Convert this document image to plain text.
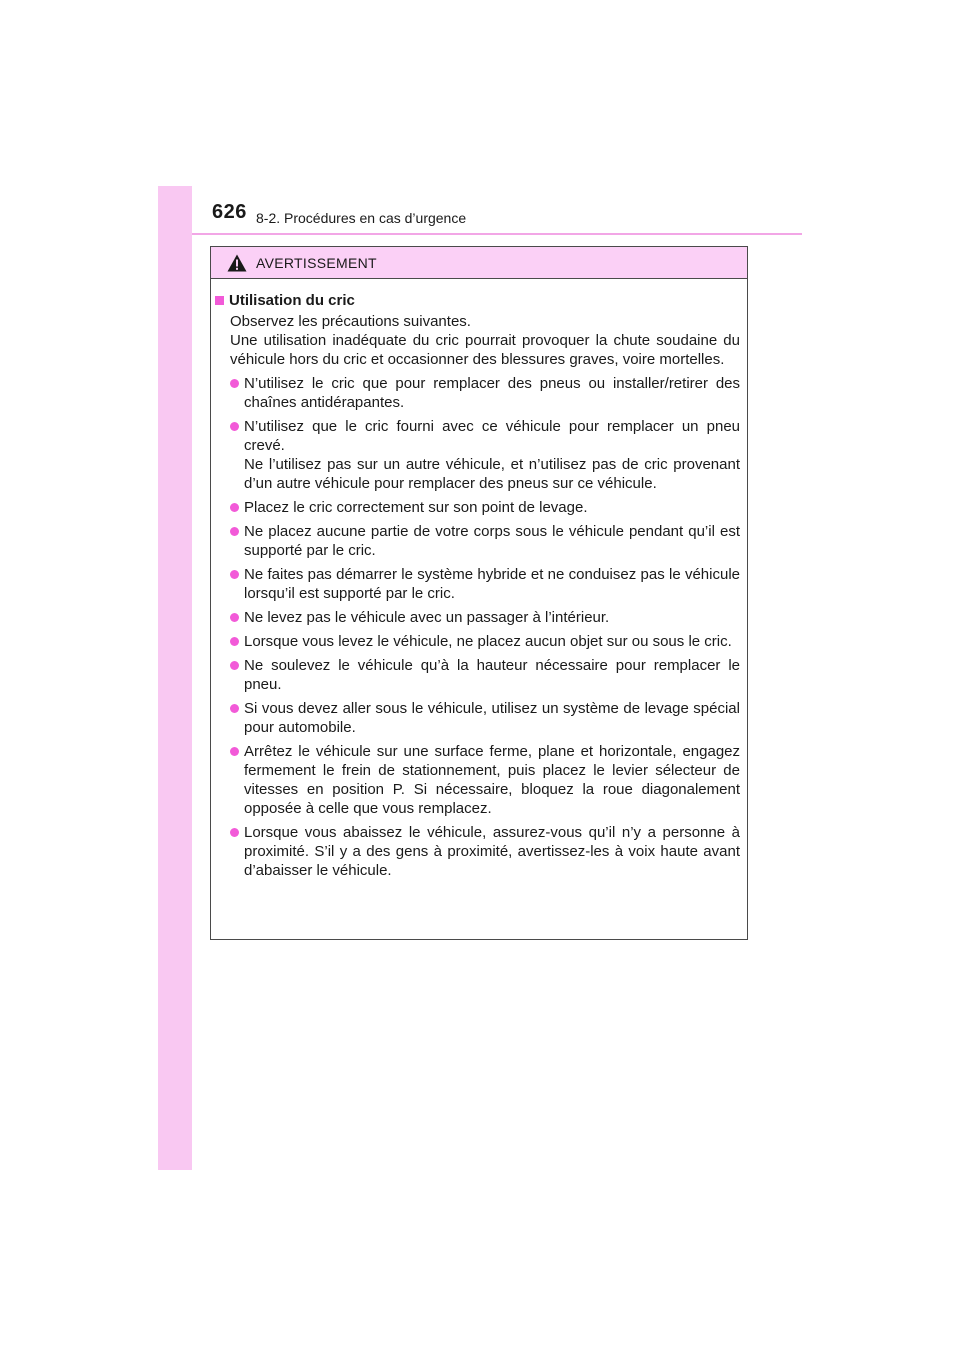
626 8-2. Procédures en cas d’urgence
AVERTISSEMENT
Utilisation du cric

Observez les précautions suivantes.

Une utilisation inadéquate du cric pourrait provoquer la chute soudaine du véhicule hors du cric et occasionner des blessures graves, voire mortelles.

N’utilisez le cric que pour remplacer des pneus ou installer/retirer des chaînes antidérapantes.

N’utilisez que le cric fourni avec ce véhicule pour remplacer un pneu crevé.

Ne l’utilisez pas sur un autre véhicule, et n’utilisez pas de cric provenant d’un autre véhicule pour remplacer des pneus sur ce véhicule.

Placez le cric correctement sur son point de levage.

Ne placez aucune partie de votre corps sous le véhicule pendant qu’il est supporté par le cric.

Ne faites pas démarrer le système hybride et ne conduisez pas le véhicule lorsqu’il est supporté par le cric.

Ne levez pas le véhicule avec un passager à l’intérieur.

Lorsque vous levez le véhicule, ne placez aucun objet sur ou sous le cric.

Ne soulevez le véhicule qu’à la hauteur nécessaire pour remplacer le pneu.

Si vous devez aller sous le véhicule, utilisez un système de levage spécial pour automobile.

Arrêtez le véhicule sur une surface ferme, plane et horizontale, engagez fermement le frein de stationnement, puis placez le levier sélecteur de vitesses en position P. Si nécessaire, bloquez la roue diagonalement opposée à celle que vous remplacez.

Lorsque vous abaissez le véhicule, assurez-vous qu’il n’y a personne à proximité. S’il y a des gens à proximité, avertissez-les à voix haute avant d’abaisser le véhicule.
